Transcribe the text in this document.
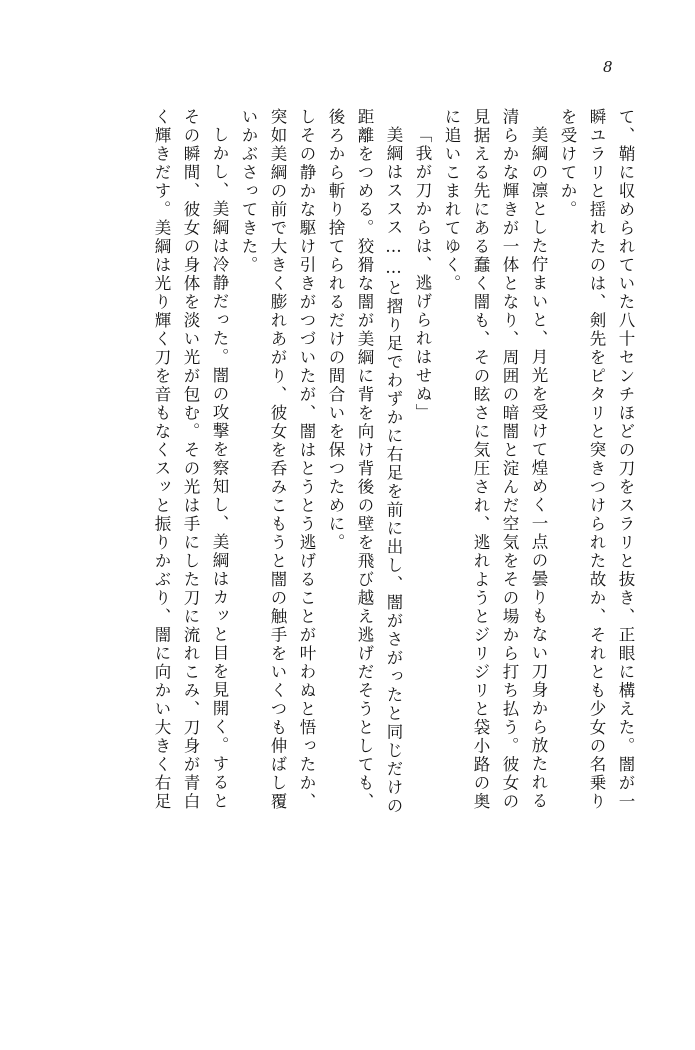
8
て、鞘に収められていた八十センチほどの刀をスラリと抜き、正眼に構えた。闇が一
瞬ユラリと揺れたのは、剣先をピタリと突きつけられた故か、それとも少女の名乗り
を受けてか。
美綱の凛とした佇まいと、月光を受けて煌めく一点の曇りもない刀身から放たれる
清らかな輝きが一体となり、周囲の暗闇と淀んだ空気をその場から打ち払う。彼女の
見据える先にある蠢く闇も、その眩さに気圧され、逃れようとジリジリと袋小路の奥
に追いこまれてゆく。
「我が刀からは、逃げられはせぬ」
美綱はススス……と摺り足でわずかに右足を前に出し、闇がさがったと同じだけの
距離をつめる。狡猾な闇が美綱に背を向け背後の壁を飛び越え逃げだそうとしても、
後ろから斬り捨てられるだけの間合いを保つために。
しその静かな駆け引きがつづいたが、闇はとうとう逃げることが叶わぬと悟ったか、
突如美綱の前で大きく膨れあがり、彼女を呑みこもうと闇の触手をいくつも伸ばし覆
いかぶさってきた。
しかし、美綱は冷静だった。闇の攻撃を察知し、美綱はカッと目を見開く。すると
その瞬間、彼女の身体を淡い光が包む。その光は手にした刀に流れこみ、刀身が青白
く輝きだす。美綱は光り輝く刀を音もなくスッと振りかぶり、闇に向かい大きく右足
